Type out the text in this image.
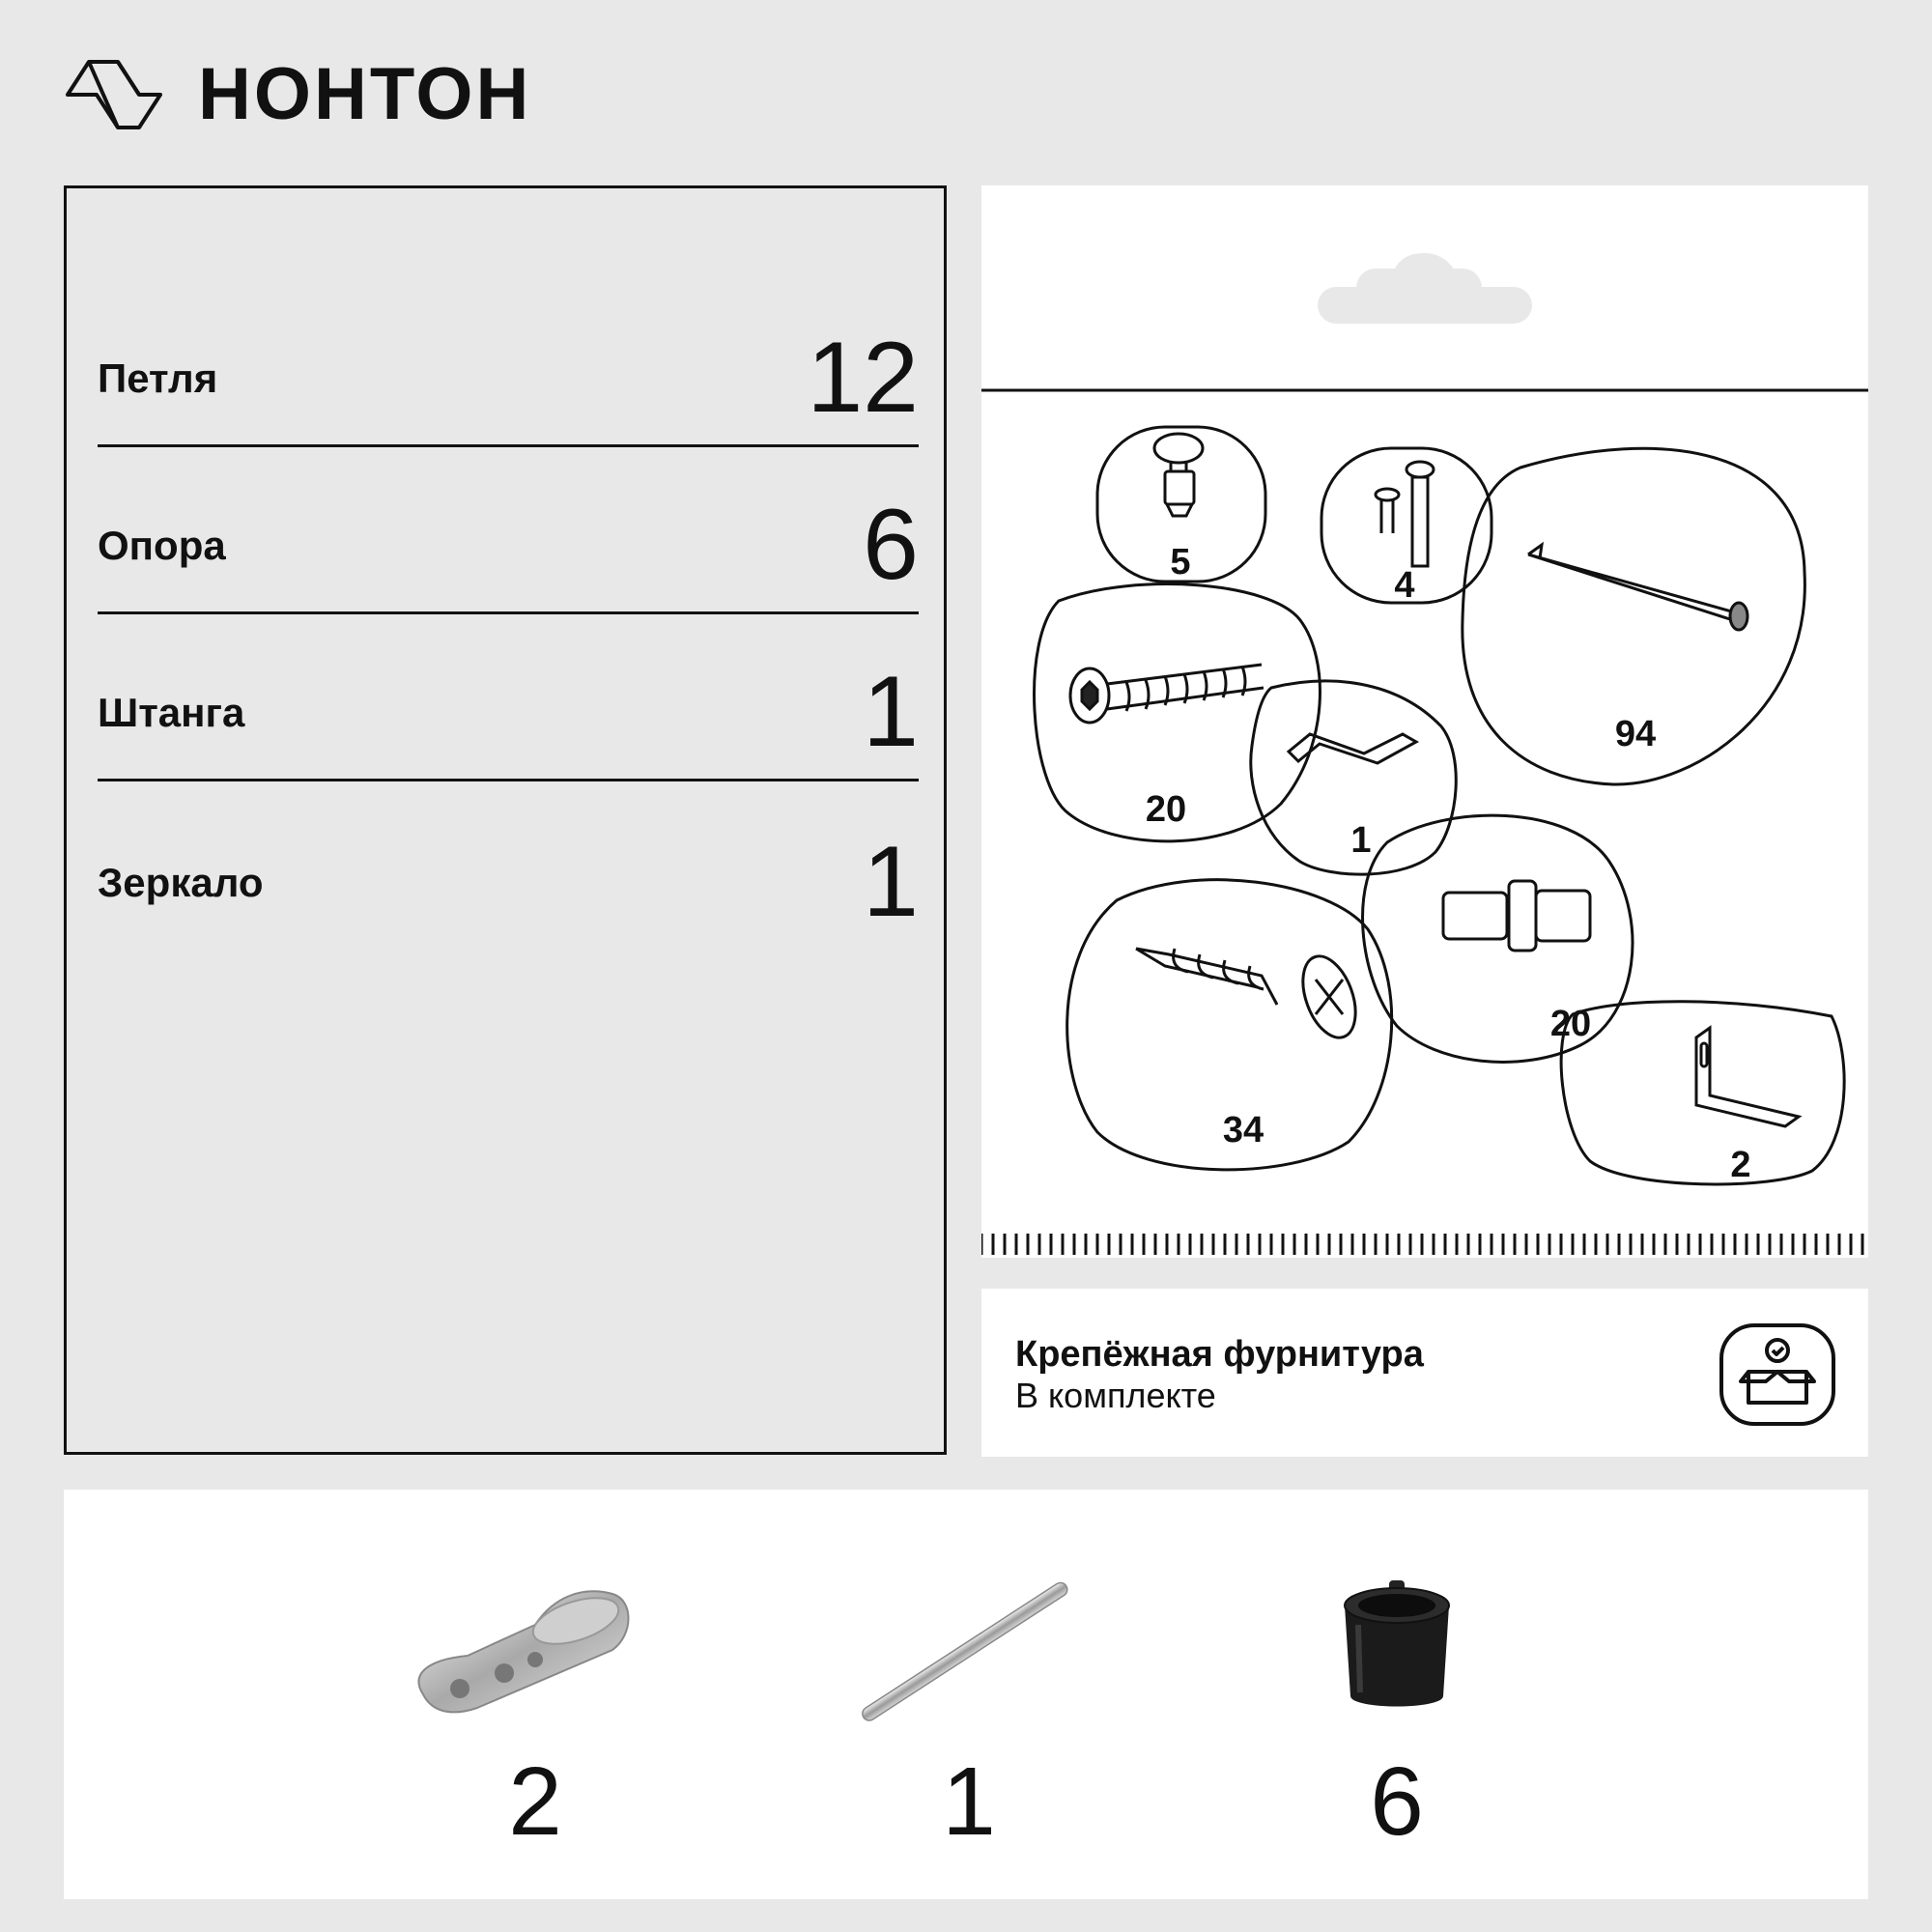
НОНТОН
Петля	12
Опора	6
Штанга	1
Зеркало	1
5
4
94
20
1
34
20
2
Крепёжная фурнитура
В комплекте
2	1	6
